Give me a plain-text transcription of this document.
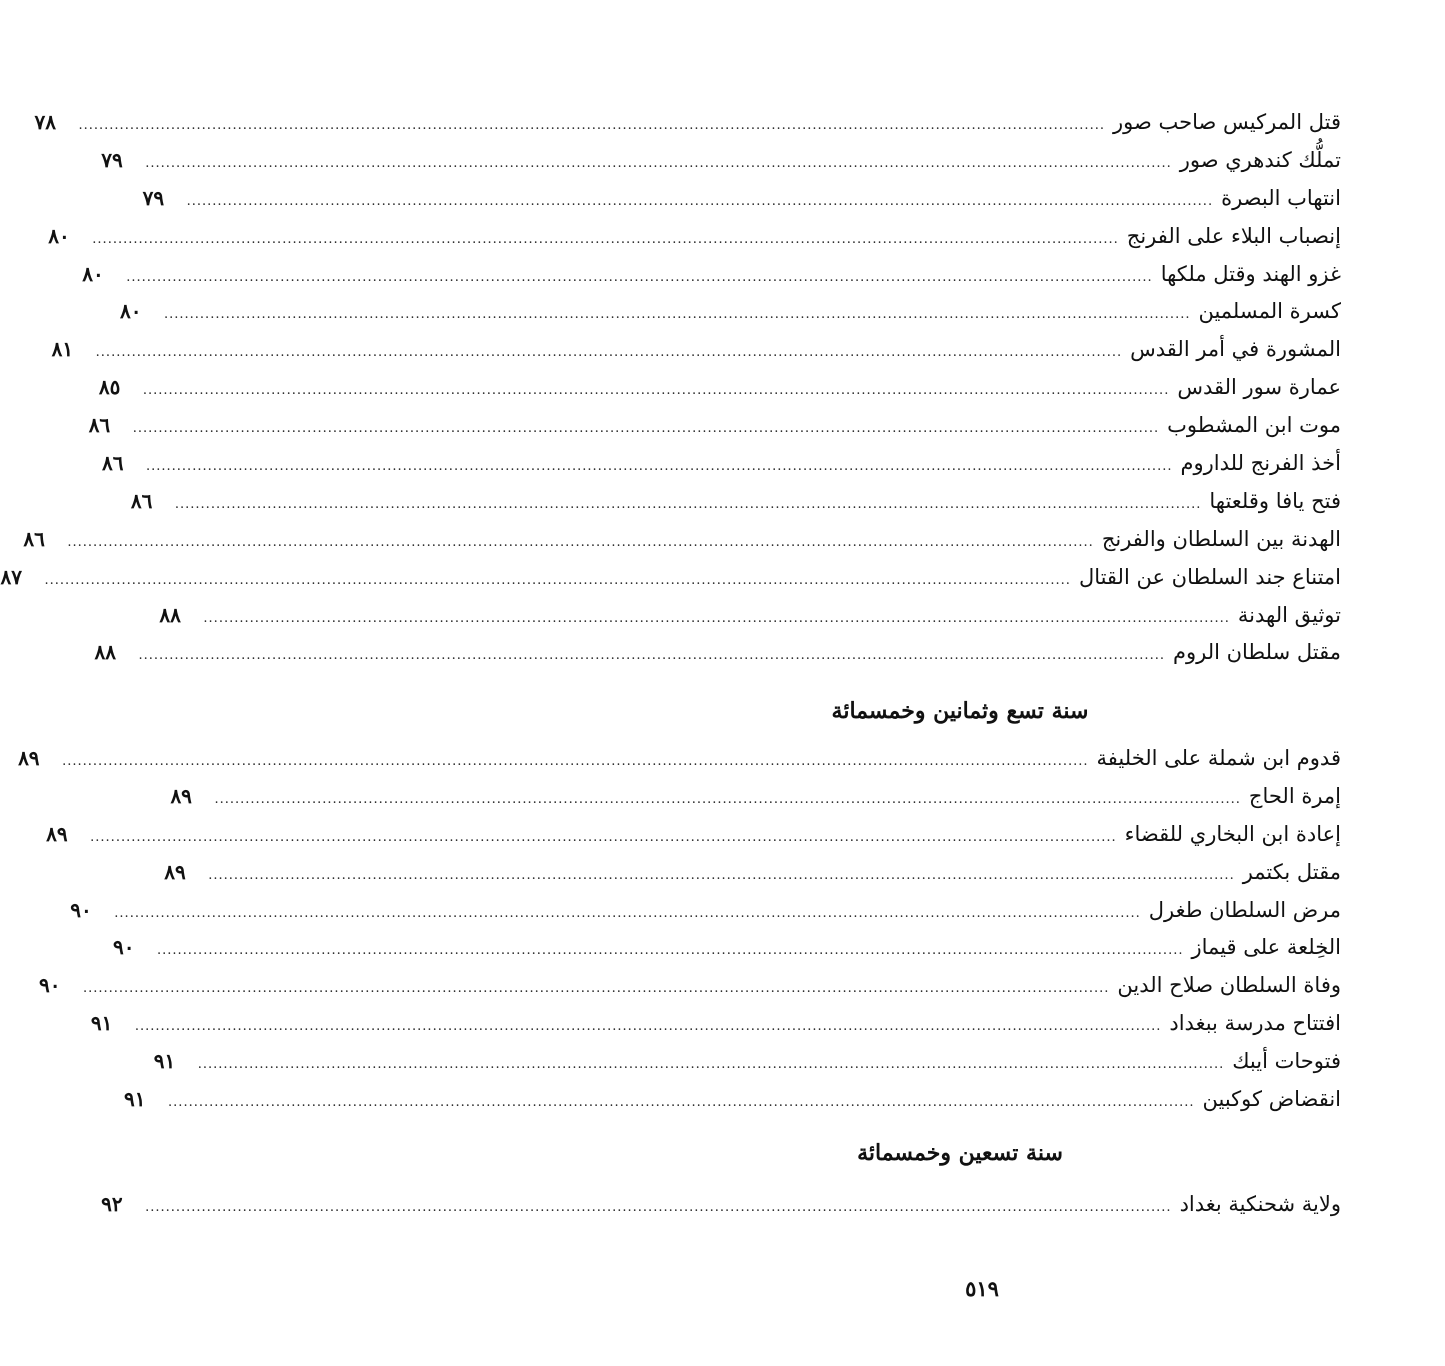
قتل المركيس صاحب صور
........................................................................................................................................................................................................
٧٨
تملُّك كندهري صور
........................................................................................................................................................................................................
٧٩
انتهاب البصرة
........................................................................................................................................................................................................
٧٩
إنصباب البلاء على الفرنج
........................................................................................................................................................................................................
٨٠
غزو الهند وقتل ملكها
........................................................................................................................................................................................................
٨٠
كسرة المسلمين
........................................................................................................................................................................................................
٨٠
المشورة في أمر القدس
........................................................................................................................................................................................................
٨١
عمارة سور القدس
........................................................................................................................................................................................................
٨٥
موت ابن المشطوب
........................................................................................................................................................................................................
٨٦
أخذ الفرنج للداروم
........................................................................................................................................................................................................
٨٦
فتح يافا وقلعتها
........................................................................................................................................................................................................
٨٦
الهدنة بين السلطان والفرنج
........................................................................................................................................................................................................
٨٦
امتناع جند السلطان عن القتال
........................................................................................................................................................................................................
٨٧
توثيق الهدنة
........................................................................................................................................................................................................
٨٨
مقتل سلطان الروم
........................................................................................................................................................................................................
٨٨
سنة تسع وثمانين وخمسمائة
قدوم ابن شملة على الخليفة
........................................................................................................................................................................................................
٨٩
إمرة الحاج
........................................................................................................................................................................................................
٨٩
إعادة ابن البخاري للقضاء
........................................................................................................................................................................................................
٨٩
مقتل بكتمر
........................................................................................................................................................................................................
٨٩
مرض السلطان طغرل
........................................................................................................................................................................................................
٩٠
الخِلعة على قيماز
........................................................................................................................................................................................................
٩٠
وفاة السلطان صلاح الدين
........................................................................................................................................................................................................
٩٠
افتتاح مدرسة ببغداد
........................................................................................................................................................................................................
٩١
فتوحات أيبك
........................................................................................................................................................................................................
٩١
انقضاض كوكبين
........................................................................................................................................................................................................
٩١
سنة تسعين وخمسمائة
ولاية شحنكية بغداد
........................................................................................................................................................................................................
٩٢
٥١٩
